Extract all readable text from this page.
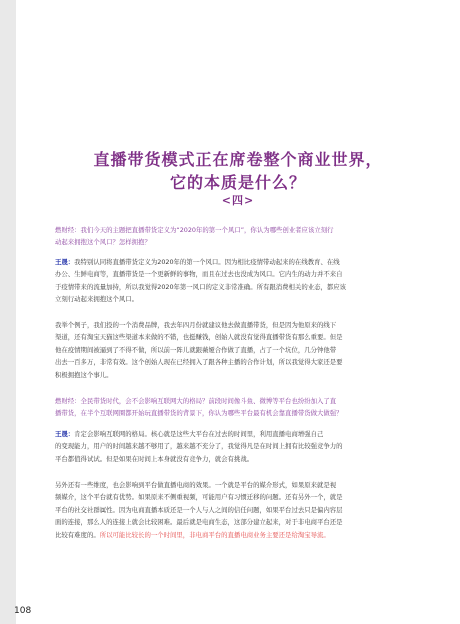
直播带货模式正在席卷整个商业世界，
它的本质是什么？
<四>
燃财经：我们今天的主题把直播带货定义为“2020年的第一个风口”，你认为哪些创业者应该立刻行
动起来拥抱这个风口？怎样拥抱？
王晟：我特别认同将直播带货定义为2020年的第一个风口。因为相比疫情带动起来的在线教育、在线
办公、生鲜电商等，直播带货是一个更新鲜的事物，而且在过去也没成为风口。它内生的动力并不来自
于疫情带来的流量加持，所以我觉得2020年第一风口的定义非常准确。所有跟消费相关的业态，都应该
立刻行动起来拥抱这个风口。
我举个例子，我们投的一个消费品牌，我去年四月份就建议他去做直播带货，但是因为他原来的线下
渠道，还有淘宝天猫这些渠道本来做的不错，也挺赚钱，创始人就没有觉得直播带货有那么重要。但是
他在疫情期间被逼到了不得不做，所以前一阵儿就跟薇娅合作做了直播，占了一个坑位，几分钟他带
出去一百多万，非常有效。这个创始人现在已经拥入了跟各种主播的合作计划，所以我觉得大家还是要
积极拥抱这个事儿。
燃财经：全民带货时代，会不会影响互联网大的格局？前段时间像斗鱼、微博等平台也纷纷加入了直
播带货，在半个互联网圈都开始玩直播带货的背景下，你认为哪些平台最有机会靠直播带货做大做强？
王晟：肯定会影响互联网的格局。核心就是这些大平台在过去的时间里，利用直播电商增强自己
的变现能力，用户的时间越来越不够用了，越来越不充分了，我觉得凡是在时间上拥有比较强竞争力的
平台都值得试试。但是如果在时间上本身就没有竞争力，就会有挑战。
另外还有一些维度，也会影响到平台做直播电商的效果。一个就是平台的媒介形式，如果原来就是视
频媒介，这个平台就有优势。如果原来不侧重视频，可能用户有习惯迁移的问题。还有另外一个，就是
平台的社交社群属性。因为电商直播本质还是一个人与人之间的信任问题，如果平台过去只是偏内容层
面的连接，那么人的连接上就会比较困难。最后就是电商生态，这部分建立起来，对于非电商平台还是
比较有难度的。所以可能比较长的一个时间里，非电商平台的直播电商业务主要还是给淘宝导流。
108
